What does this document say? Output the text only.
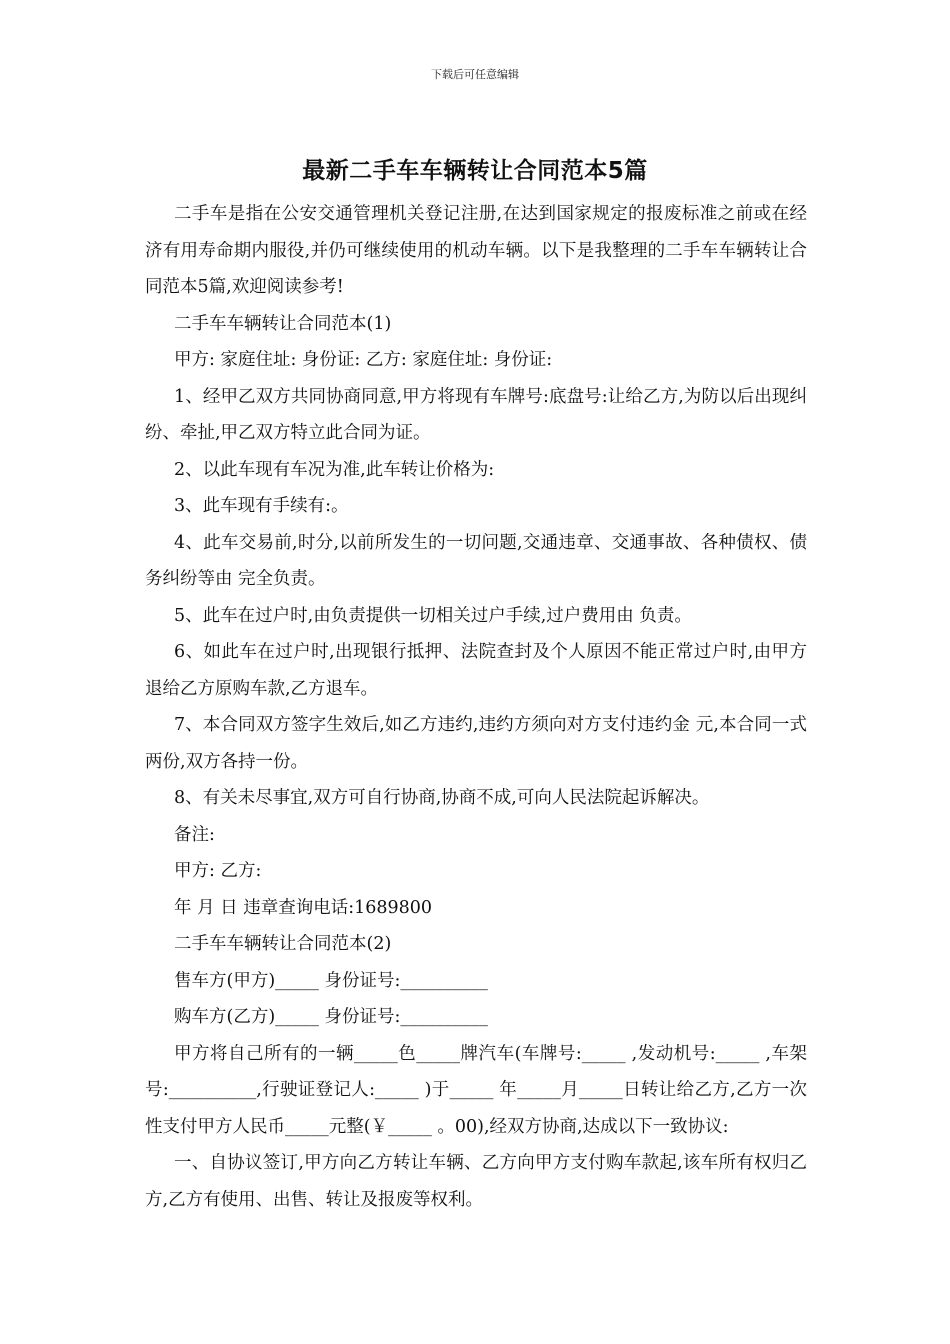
下载后可任意编辑
最新二手车车辆转让合同范本5篇

二手车是指在公安交通管理机关登记注册,在达到国家规定的报废标准之前或在经济有用寿命期内服役,并仍可继续使用的机动车辆。以下是我整理的二手车车辆转让合同范本5篇,欢迎阅读参考!

二手车车辆转让合同范本(1)

甲方: 家庭住址: 身份证: 乙方: 家庭住址: 身份证:

1、经甲乙双方共同协商同意,甲方将现有车牌号:底盘号:让给乙方,为防以后出现纠纷、牵扯,甲乙双方特立此合同为证。

2、以此车现有车况为准,此车转让价格为:

3、此车现有手续有:。

4、此车交易前,时分,以前所发生的一切问题,交通违章、交通事故、各种债权、债务纠纷等由 完全负责。

5、此车在过户时,由负责提供一切相关过户手续,过户费用由 负责。

6、如此车在过户时,出现银行抵押、法院查封及个人原因不能正常过户时,由甲方退给乙方原购车款,乙方退车。

7、本合同双方签字生效后,如乙方违约,违约方须向对方支付违约金 元,本合同一式两份,双方各持一份。

8、有关未尽事宜,双方可自行协商,协商不成,可向人民法院起诉解决。

备注:

甲方: 乙方:

年 月 日 违章查询电话:1689800

二手车车辆转让合同范本(2)

售车方(甲方)_____ 身份证号:__________

购车方(乙方)_____ 身份证号:__________

甲方将自己所有的一辆_____色_____牌汽车(车牌号:_____ ,发动机号:_____ ,车架号:__________,行驶证登记人:_____ )于_____ 年_____月_____日转让给乙方,乙方一次性支付甲方人民币_____元整(￥_____ 。00),经双方协商,达成以下一致协议:

一、自协议签订,甲方向乙方转让车辆、乙方向甲方支付购车款起,该车所有权归乙方,乙方有使用、出售、转让及报废等权利。
